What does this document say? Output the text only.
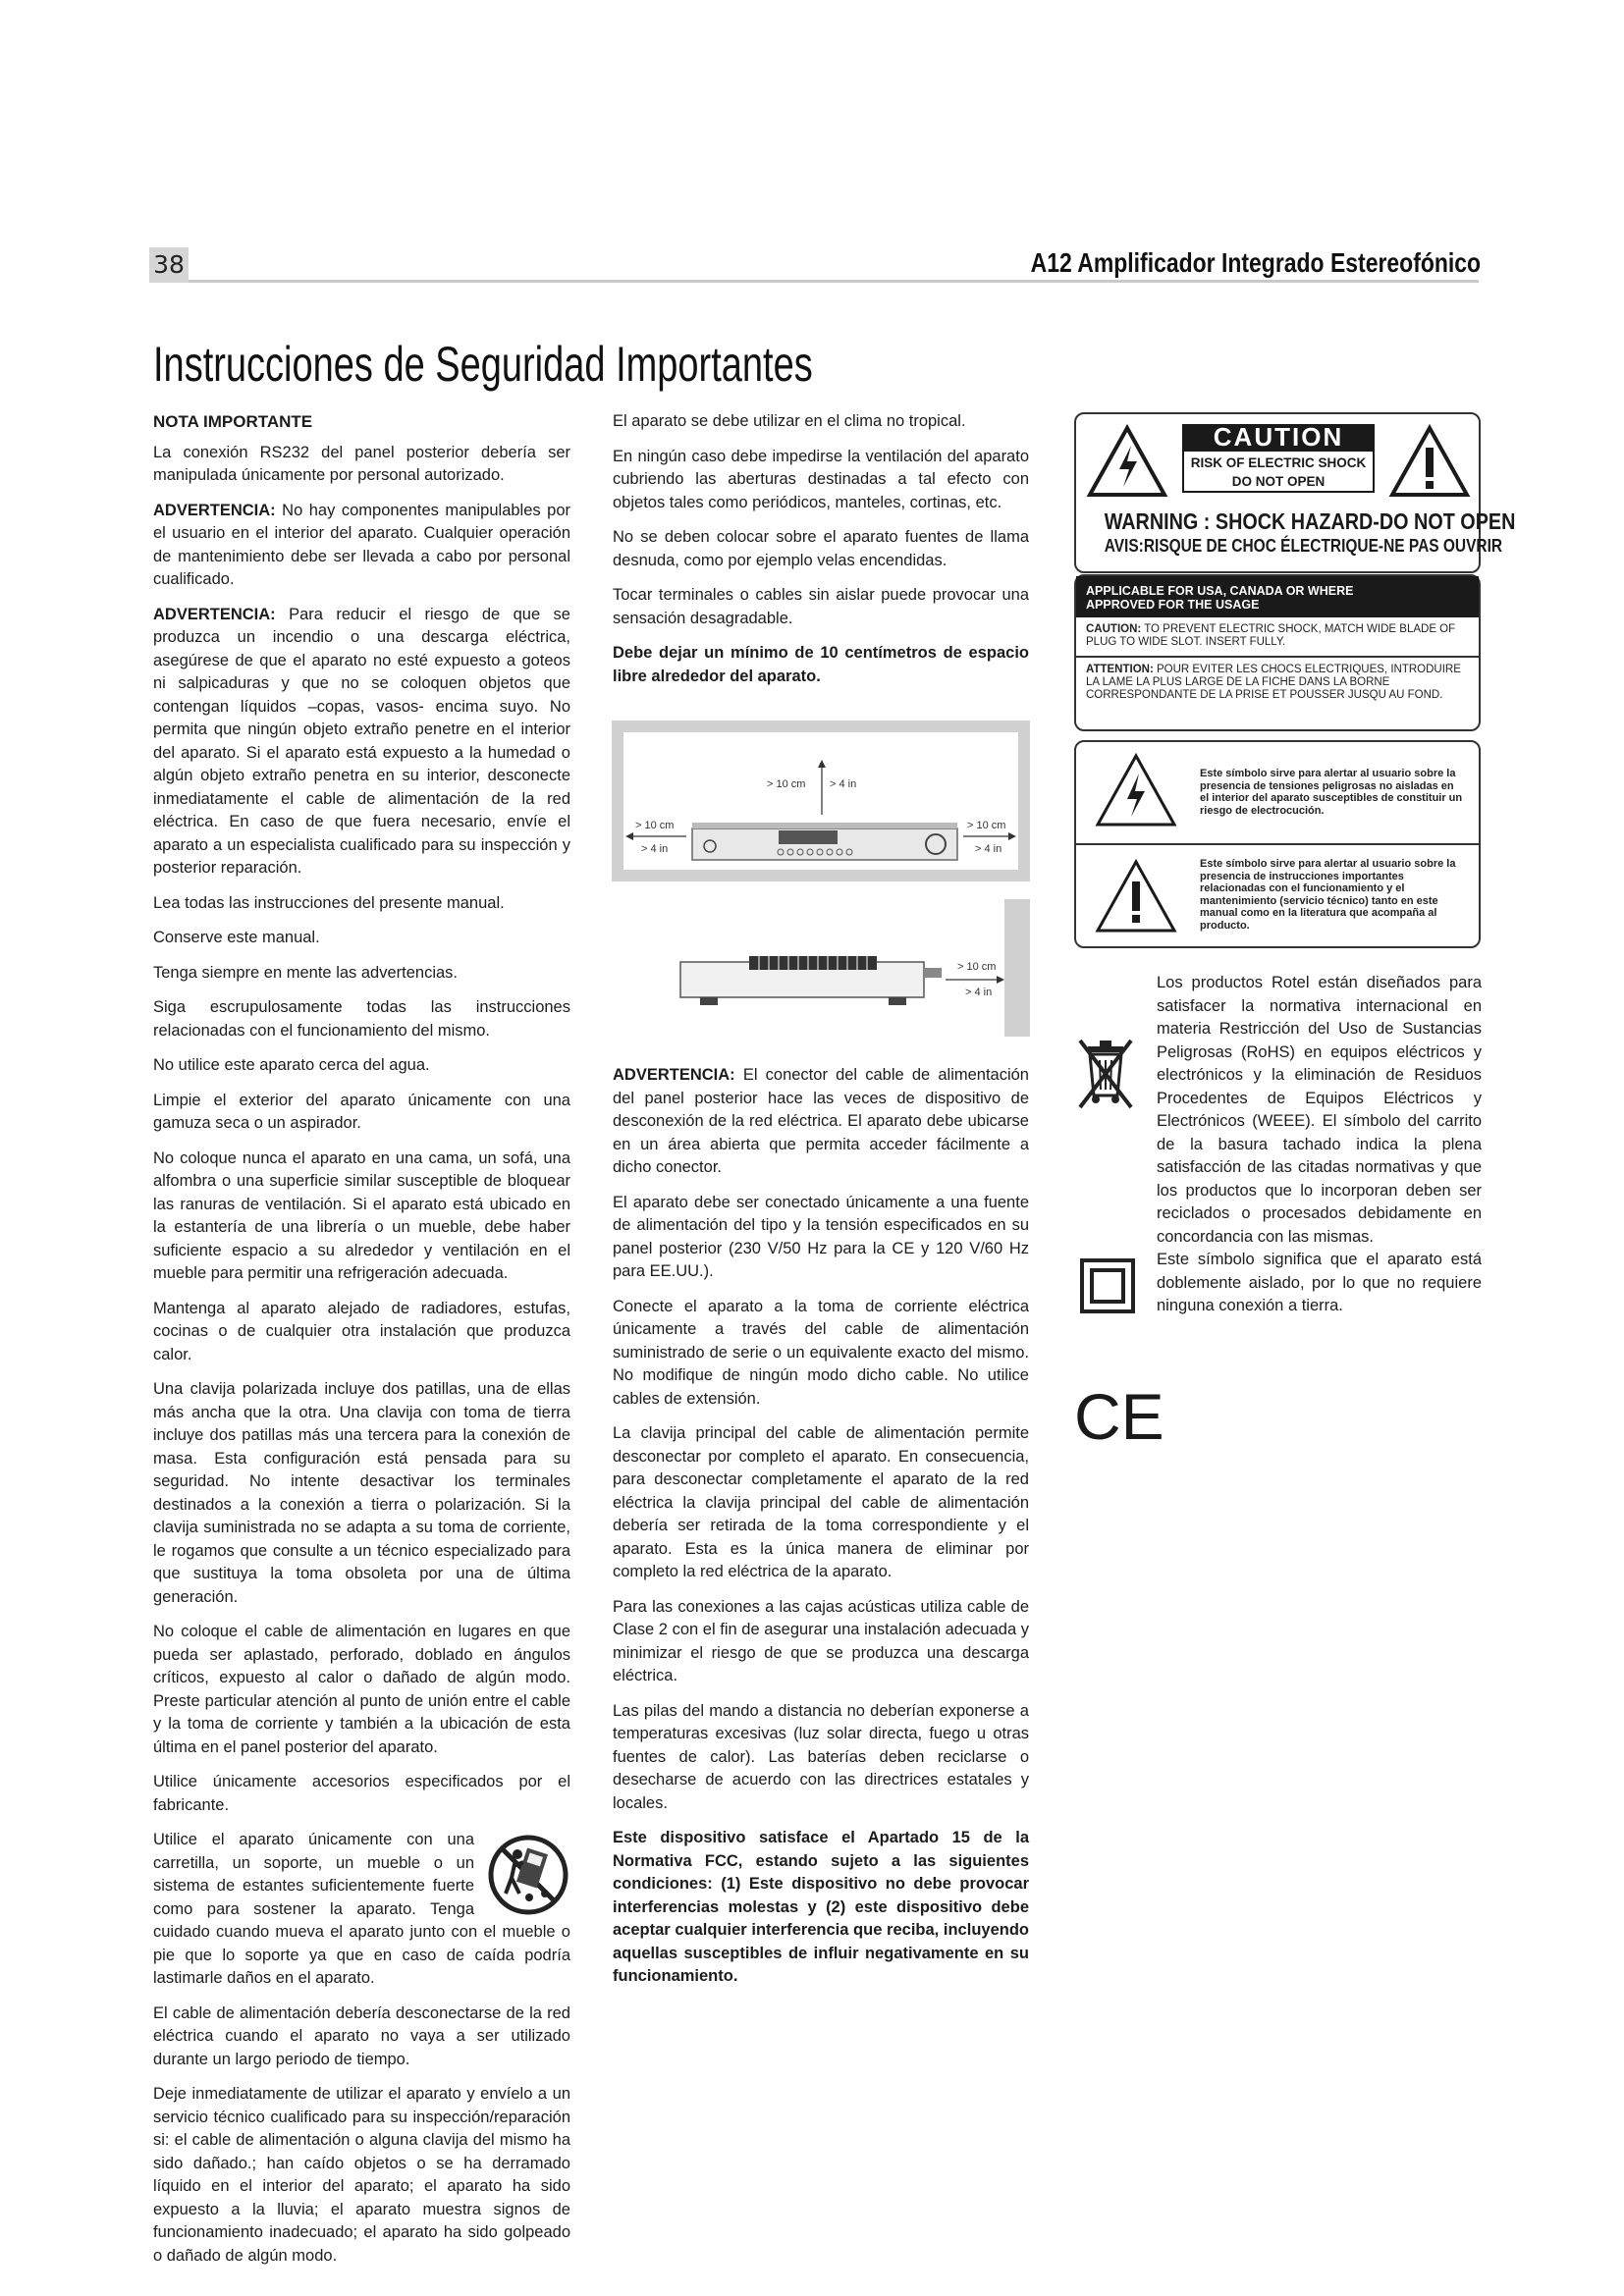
38	A12 Amplificador Integrado Estereofónico
Instrucciones de Seguridad Importantes

NOTA IMPORTANTE

La conexión RS232 del panel posterior debería ser manipulada únicamente por personal autorizado.

ADVERTENCIA: No hay componentes manipulables por el usuario en el interior del aparato. Cualquier operación de mantenimiento debe ser llevada a cabo por personal cualificado.

ADVERTENCIA: Para reducir el riesgo de que se produzca un incendio o una descarga eléctrica, asegúrese de que el aparato no esté expuesto a goteos ni salpicaduras y que no se coloquen objetos que contengan líquidos –copas, vasos- encima suyo. No permita que ningún objeto extraño penetre en el interior del aparato. Si el aparato está expuesto a la humedad o algún objeto extraño penetra en su interior, desconecte inmediatamente el cable de alimentación de la red eléctrica. En caso de que fuera necesario, envíe el aparato a un especialista cualificado para su inspección y posterior reparación.

Lea todas las instrucciones del presente manual.

Conserve este manual.

Tenga siempre en mente las advertencias.

Siga escrupulosamente todas las instrucciones relacionadas con el funcionamiento del mismo.

No utilice este aparato cerca del agua.

Limpie el exterior del aparato únicamente con una gamuza seca o un aspirador.

No coloque nunca el aparato en una cama, un sofá, una alfombra o una superficie similar susceptible de bloquear las ranuras de ventilación. Si el aparato está ubicado en la estantería de una librería o un mueble, debe haber suficiente espacio a su alrededor y ventilación en el mueble para permitir una refrigeración adecuada.

Mantenga al aparato alejado de radiadores, estufas, cocinas o de cualquier otra instalación que produzca calor.

Una clavija polarizada incluye dos patillas, una de ellas más ancha que la otra. Una clavija con toma de tierra incluye dos patillas más una tercera para la conexión de masa. Esta configuración está pensada para su seguridad. No intente desactivar los terminales destinados a la conexión a tierra o polarización. Si la clavija suministrada no se adapta a su toma de corriente, le rogamos que consulte a un técnico especializado para que sustituya la toma obsoleta por una de última generación.

No coloque el cable de alimentación en lugares en que pueda ser aplastado, perforado, doblado en ángulos críticos, expuesto al calor o dañado de algún modo. Preste particular atención al punto de unión entre el cable y la toma de corriente y también a la ubicación de esta última en el panel posterior del aparato.

Utilice únicamente accesorios especificados por el fabricante.

Utilice el aparato únicamente con una carretilla, un soporte, un mueble o un sistema de estantes suficientemente fuerte como para sostener la aparato. Tenga cuidado cuando mueva el aparato junto con el mueble o pie que lo soporte ya que en caso de caída podría lastimarle daños en el aparato.

El cable de alimentación debería desconectarse de la red eléctrica cuando el aparato no vaya a ser utilizado durante un largo periodo de tiempo.

Deje inmediatamente de utilizar el aparato y envíelo a un servicio técnico cualificado para su inspección/reparación si: el cable de alimentación o alguna clavija del mismo ha sido dañado.; han caído objetos o se ha derramado líquido en el interior del aparato; el aparato ha sido expuesto a la lluvia; el aparato muestra signos de funcionamiento inadecuado; el aparato ha sido golpeado o dañado de algún modo.

El aparato se debe utilizar en el clima no tropical.

En ningún caso debe impedirse la ventilación del aparato cubriendo las aberturas destinadas a tal efecto con objetos tales como periódicos, manteles, cortinas, etc.

No se deben colocar sobre el aparato fuentes de llama desnuda, como por ejemplo velas encendidas.

Tocar terminales o cables sin aislar puede provocar una sensación desagradable.

Debe dejar un mínimo de 10 centímetros de espacio libre alrededor del aparato.

> 10 cm > 4 in
> 10 cm
> 4 in
> 10 cm
> 4 in
> 10 cm
> 4 in

ADVERTENCIA: El conector del cable de alimentación del panel posterior hace las veces de dispositivo de desconexión de la red eléctrica. El aparato debe ubicarse en un área abierta que permita acceder fácilmente a dicho conector.

El aparato debe ser conectado únicamente a una fuente de alimentación del tipo y la tensión especificados en su panel posterior (230 V/50 Hz para la CE y 120 V/60 Hz para EE.UU.).

Conecte el aparato a la toma de corriente eléctrica únicamente a través del cable de alimentación suministrado de serie o un equivalente exacto del mismo. No modifique de ningún modo dicho cable. No utilice cables de extensión.

La clavija principal del cable de alimentación permite desconectar por completo el aparato. En consecuencia, para desconectar completamente el aparato de la red eléctrica la clavija principal del cable de alimentación debería ser retirada de la toma correspondiente y el aparato. Esta es la única manera de eliminar por completo la red eléctrica de la aparato.

Para las conexiones a las cajas acústicas utiliza cable de Clase 2 con el fin de asegurar una instalación adecuada y minimizar el riesgo de que se produzca una descarga eléctrica.

Las pilas del mando a distancia no deberían exponerse a temperaturas excesivas (luz solar directa, fuego u otras fuentes de calor). Las baterías deben reciclarse o desecharse de acuerdo con las directrices estatales y locales.

Este dispositivo satisface el Apartado 15 de la Normativa FCC, estando sujeto a las siguientes condiciones: (1) Este dispositivo no debe provocar interferencias molestas y (2) este dispositivo debe aceptar cualquier interferencia que reciba, incluyendo aquellas susceptibles de influir negativamente en su funcionamiento.

CAUTION
RISK OF ELECTRIC SHOCK
DO NOT OPEN
WARNING : SHOCK HAZARD-DO NOT OPEN
AVIS:RISQUE DE CHOC ÉLECTRIQUE-NE PAS OUVRIR
APPLICABLE FOR USA, CANADA OR WHERE
APPROVED FOR THE USAGE
CAUTION: TO PREVENT ELECTRIC SHOCK, MATCH WIDE BLADE OF PLUG TO WIDE SLOT. INSERT FULLY.
ATTENTION: POUR EVITER LES CHOCS ELECTRIQUES, INTRODUIRE LA LAME LA PLUS LARGE DE LA FICHE DANS LA BORNE CORRESPONDANTE DE LA PRISE ET POUSSER JUSQU AU FOND.
Este símbolo sirve para alertar al usuario sobre la presencia de tensiones peligrosas no aisladas en el interior del aparato susceptibles de constituir un riesgo de electrocución.
Este símbolo sirve para alertar al usuario sobre la presencia de instrucciones importantes relacionadas con el funcionamiento y el mantenimiento (servicio técnico) tanto en este manual como en la literatura que acompaña al producto.
Los productos Rotel están diseñados para satisfacer la normativa internacional en materia Restricción del Uso de Sustancias Peligrosas (RoHS) en equipos eléctricos y electrónicos y la eliminación de Residuos Procedentes de Equipos Eléctricos y Electrónicos (WEEE). El símbolo del carrito de la basura tachado indica la plena satisfacción de las citadas normativas y que los productos que lo incorporan deben ser reciclados o procesados debidamente en concordancia con las mismas.
Este símbolo significa que el aparato está doblemente aislado, por lo que no requiere ninguna conexión a tierra.
CE
